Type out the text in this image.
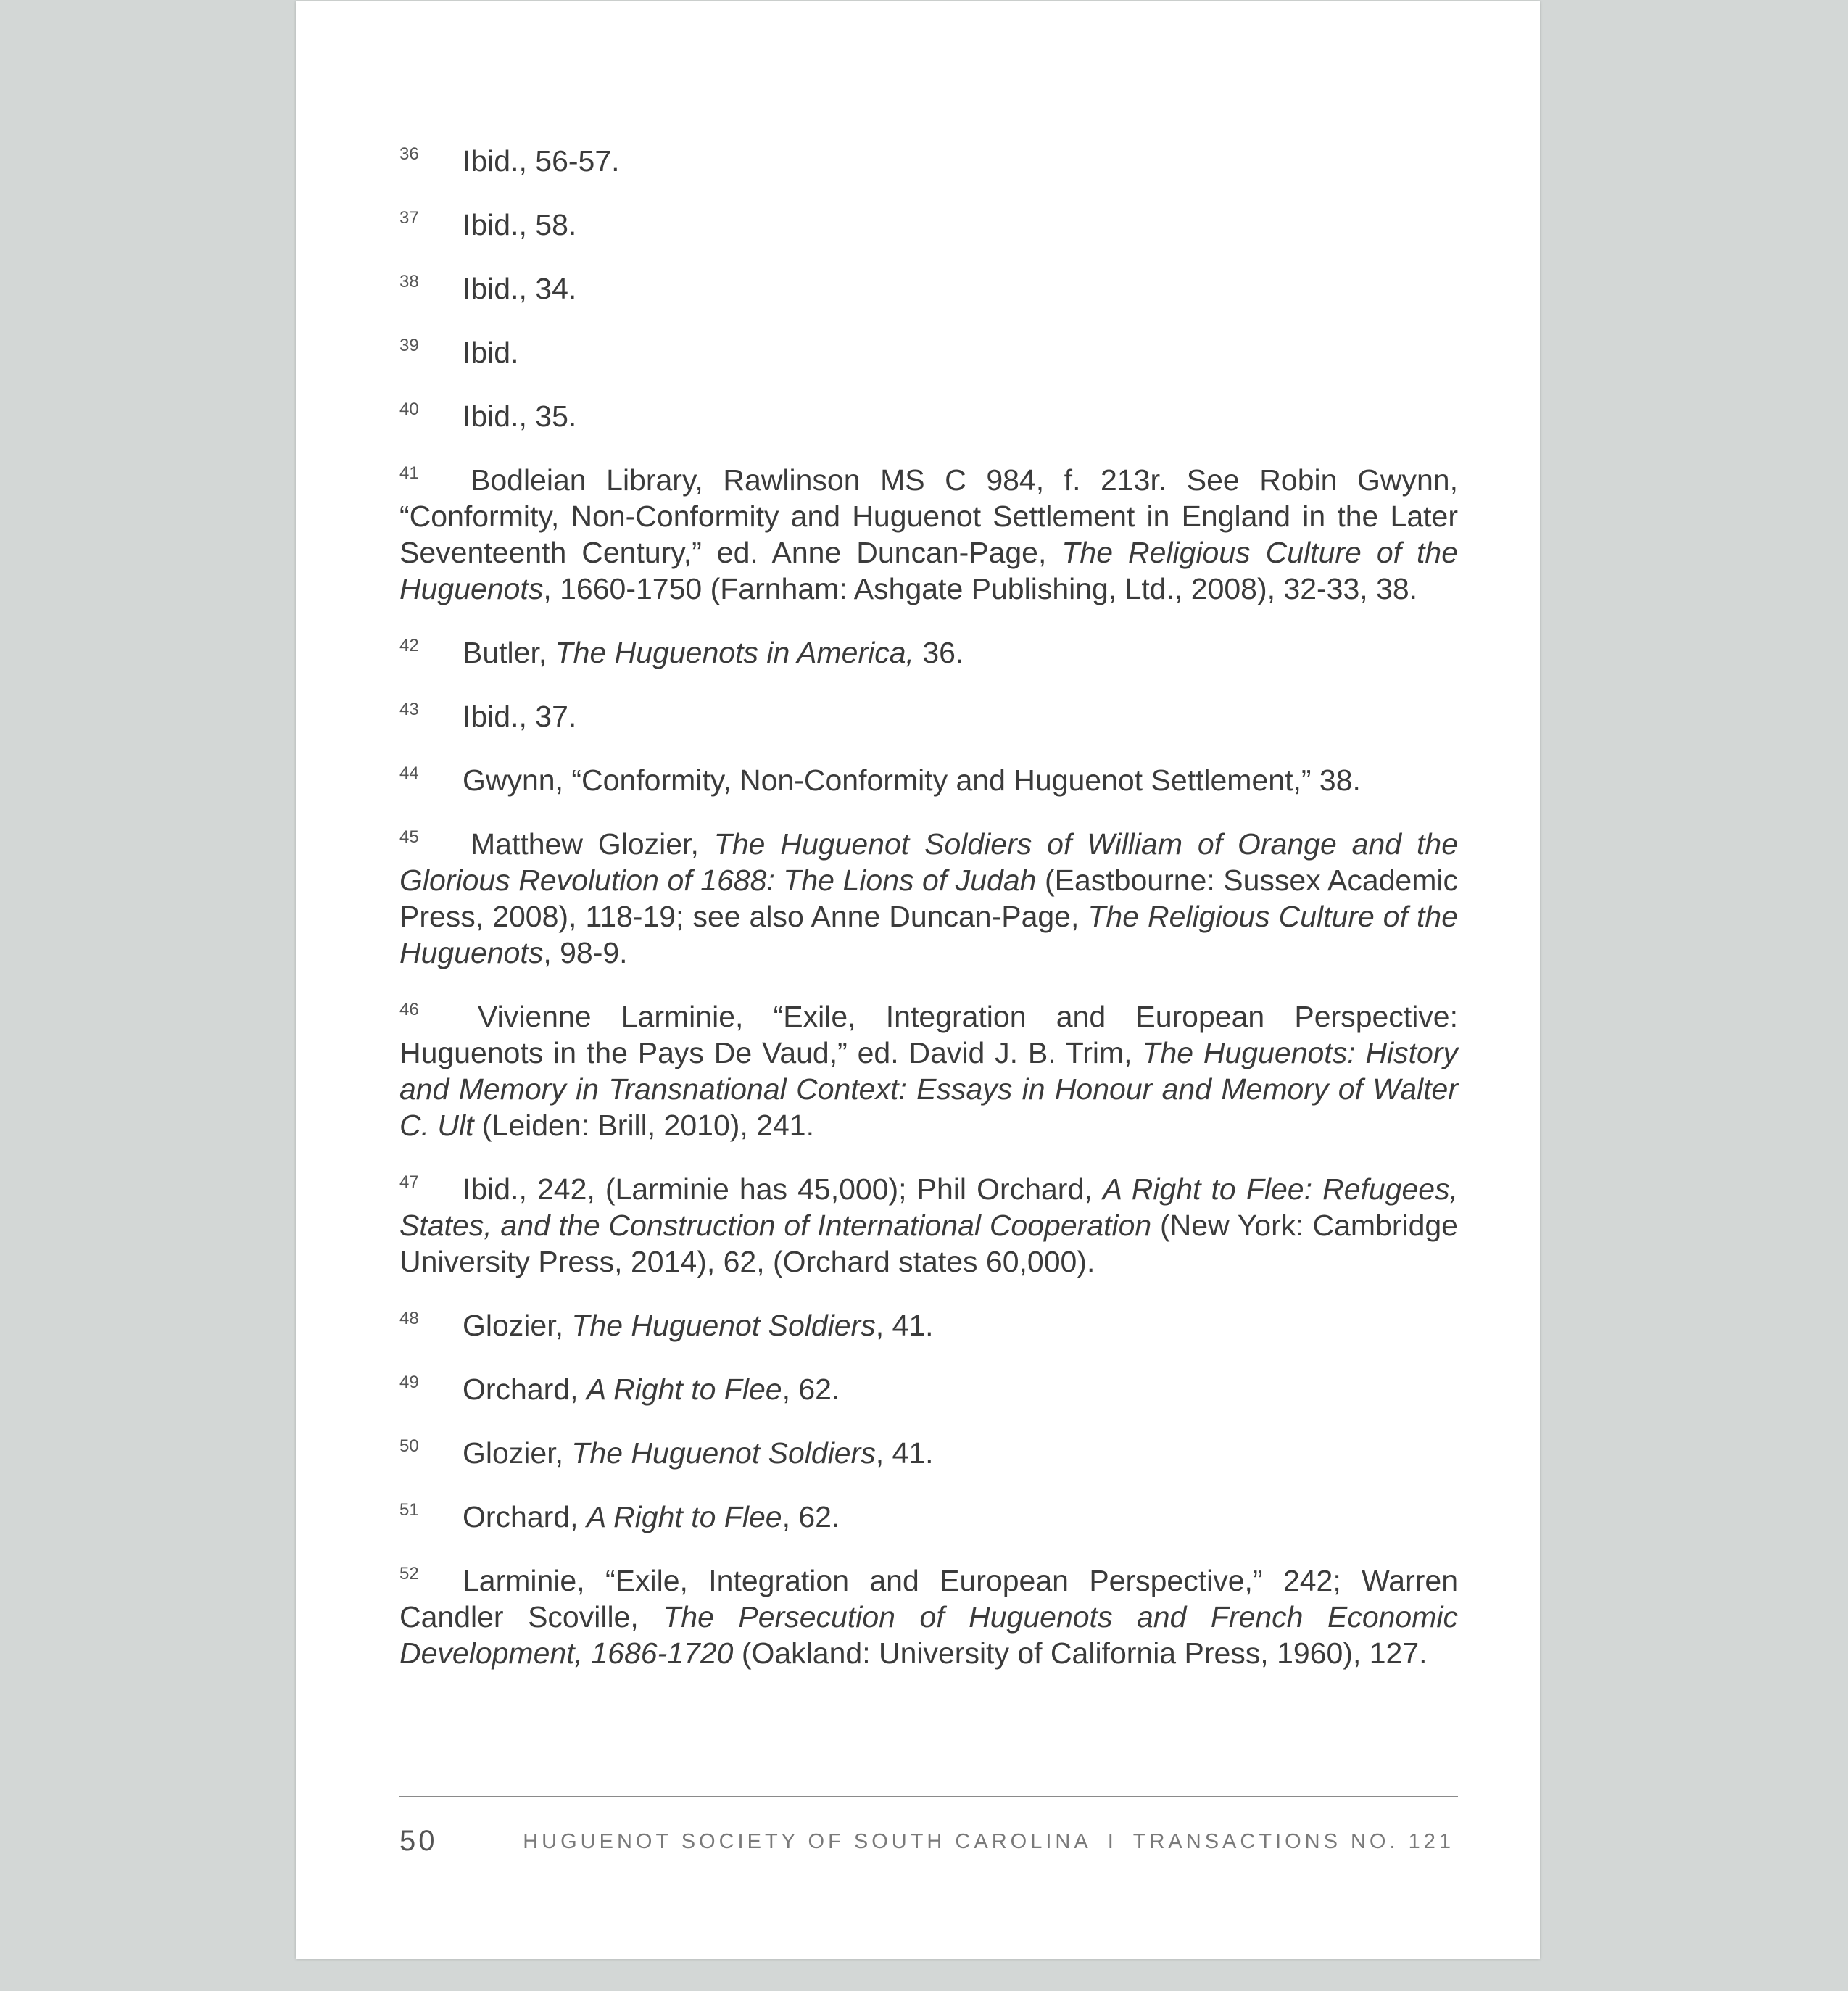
36 Ibid., 56-57.

37 Ibid., 58.

38 Ibid., 34.

39 Ibid.

40 Ibid., 35.

41 Bodleian Library, Rawlinson MS C 984, f. 213r. See Robin Gwynn, “Conformity, Non-Conformity and Huguenot Settlement in England in the Later Seventeenth Century,” ed. Anne Duncan-Page, The Religious Culture of the Huguenots, 1660-1750 (Farnham: Ashgate Publishing, Ltd., 2008), 32-33, 38.

42 Butler, The Huguenots in America, 36.

43 Ibid., 37.

44 Gwynn, “Conformity, Non-Conformity and Huguenot Settlement,” 38.

45 Matthew Glozier, The Huguenot Soldiers of William of Orange and the Glorious Revolution of 1688: The Lions of Judah (Eastbourne: Sussex Academic Press, 2008), 118-19; see also Anne Duncan-Page, The Religious Culture of the Huguenots, 98-9.

46 Vivienne Larminie, “Exile, Integration and European Perspective: Huguenots in the Pays De Vaud,” ed. David J. B. Trim, The Huguenots: History and Memory in Transnational Context: Essays in Honour and Memory of Walter C. Ult (Leiden: Brill, 2010), 241.

47 Ibid., 242, (Larminie has 45,000); Phil Orchard, A Right to Flee: Refugees, States, and the Construction of International Cooperation (New York: Cambridge University Press, 2014), 62, (Orchard states 60,000).

48 Glozier, The Huguenot Soldiers, 41.

49 Orchard, A Right to Flee, 62.

50 Glozier, The Huguenot Soldiers, 41.

51 Orchard, A Right to Flee, 62.

52 Larminie, “Exile, Integration and European Perspective,” 242; Warren Candler Scoville, The Persecution of Huguenots and French Economic Development, 1686-1720 (Oakland: University of California Press, 1960), 127.

50	HUGUENOT SOCIETY OF SOUTH CAROLINA I TRANSACTIONS NO. 121
